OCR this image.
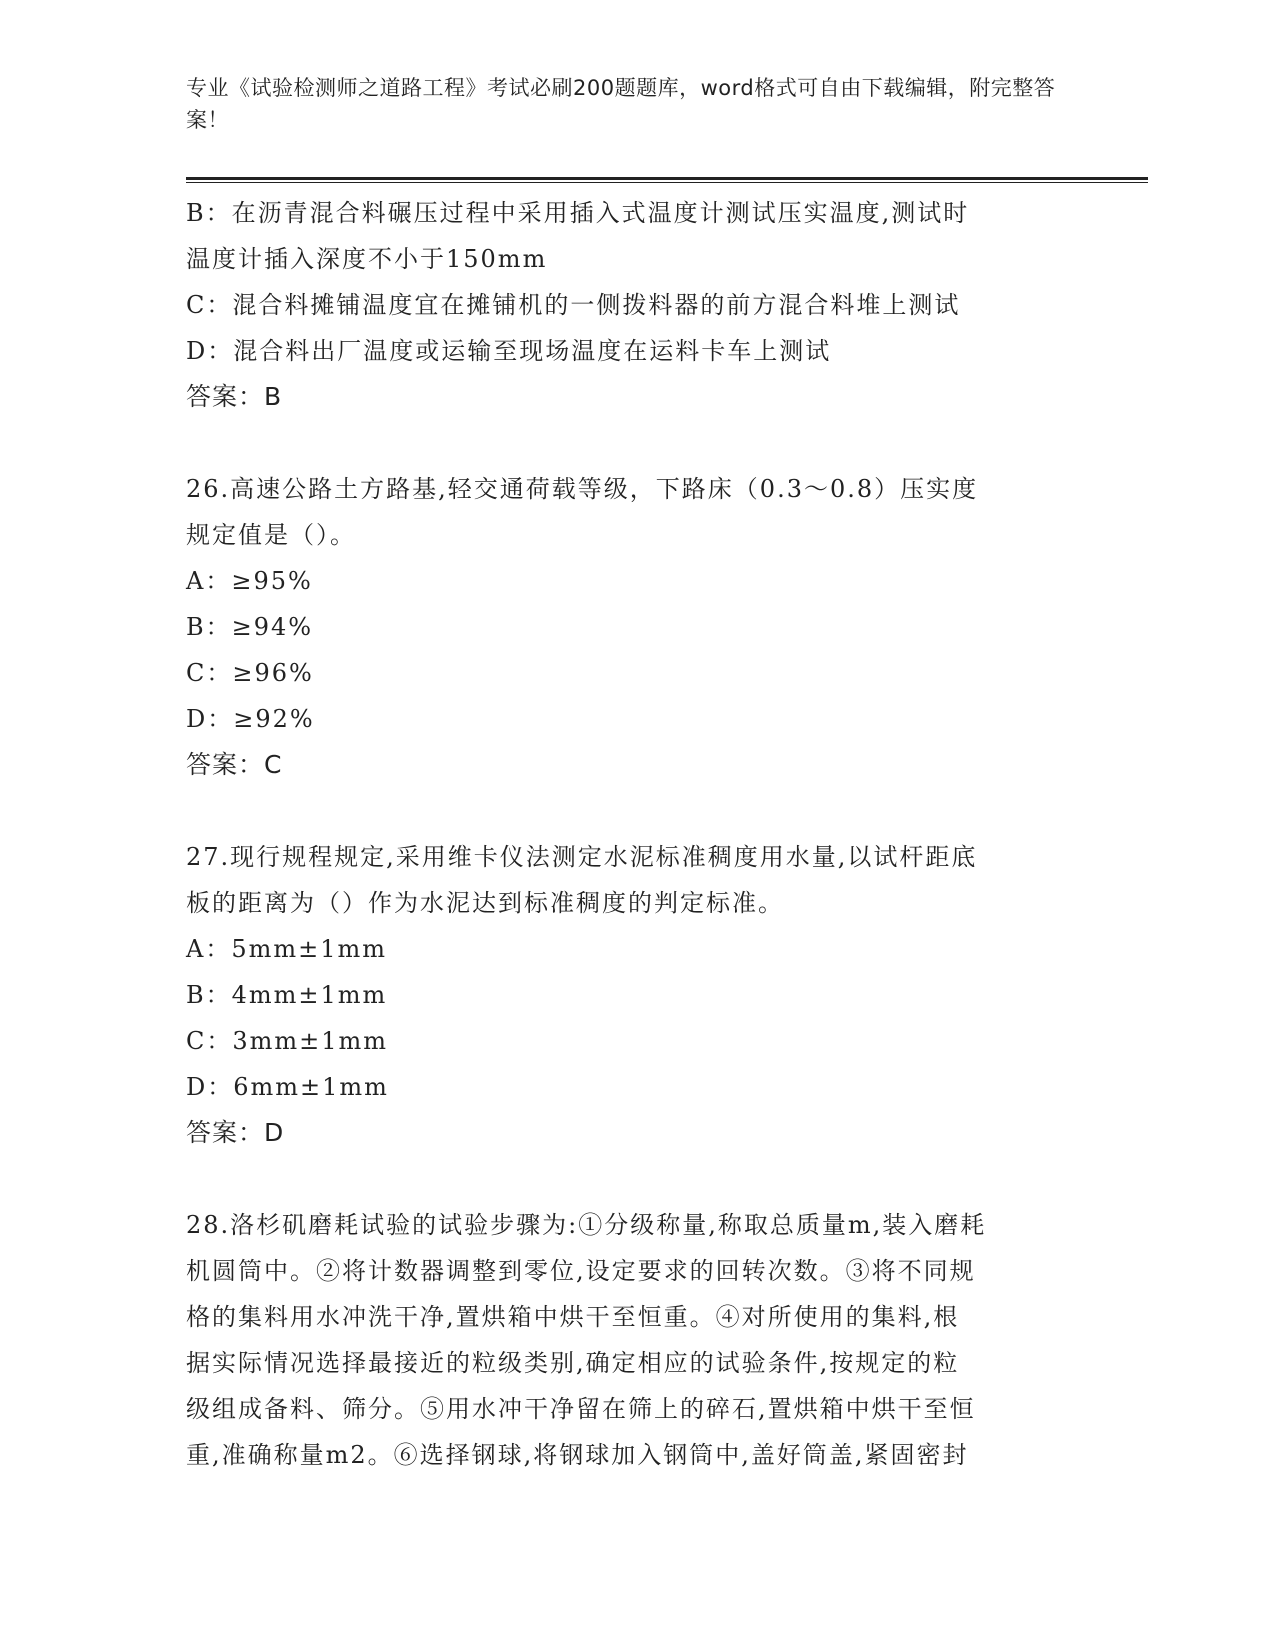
专业《试验检测师之道路工程》考试必刷200题题库，word格式可自由下载编辑，附完整答案！
B：在沥青混合料碾压过程中采用插入式温度计测试压实温度,测试时
温度计插入深度不小于150mm
C：混合料摊铺温度宜在摊铺机的一侧拨料器的前方混合料堆上测试
D：混合料出厂温度或运输至现场温度在运料卡车上测试
答案：B
26.高速公路土方路基,轻交通荷载等级，下路床（0.3～0.8）压实度
规定值是（）。
A：≥95%
B：≥94%
C：≥96%
D：≥92%
答案：C
27.现行规程规定,采用维卡仪法测定水泥标准稠度用水量,以试杆距底
板的距离为（）作为水泥达到标准稠度的判定标准。
A：5mm±1mm
B：4mm±1mm
C：3mm±1mm
D：6mm±1mm
答案：D
28.洛杉矶磨耗试验的试验步骤为:①分级称量,称取总质量m,装入磨耗
机圆筒中。②将计数器调整到零位,设定要求的回转次数。③将不同规
格的集料用水冲洗干净,置烘箱中烘干至恒重。④对所使用的集料,根
据实际情况选择最接近的粒级类别,确定相应的试验条件,按规定的粒
级组成备料、筛分。⑤用水冲干净留在筛上的碎石,置烘箱中烘干至恒
重,准确称量m2。⑥选择钢球,将钢球加入钢筒中,盖好筒盖,紧固密封
